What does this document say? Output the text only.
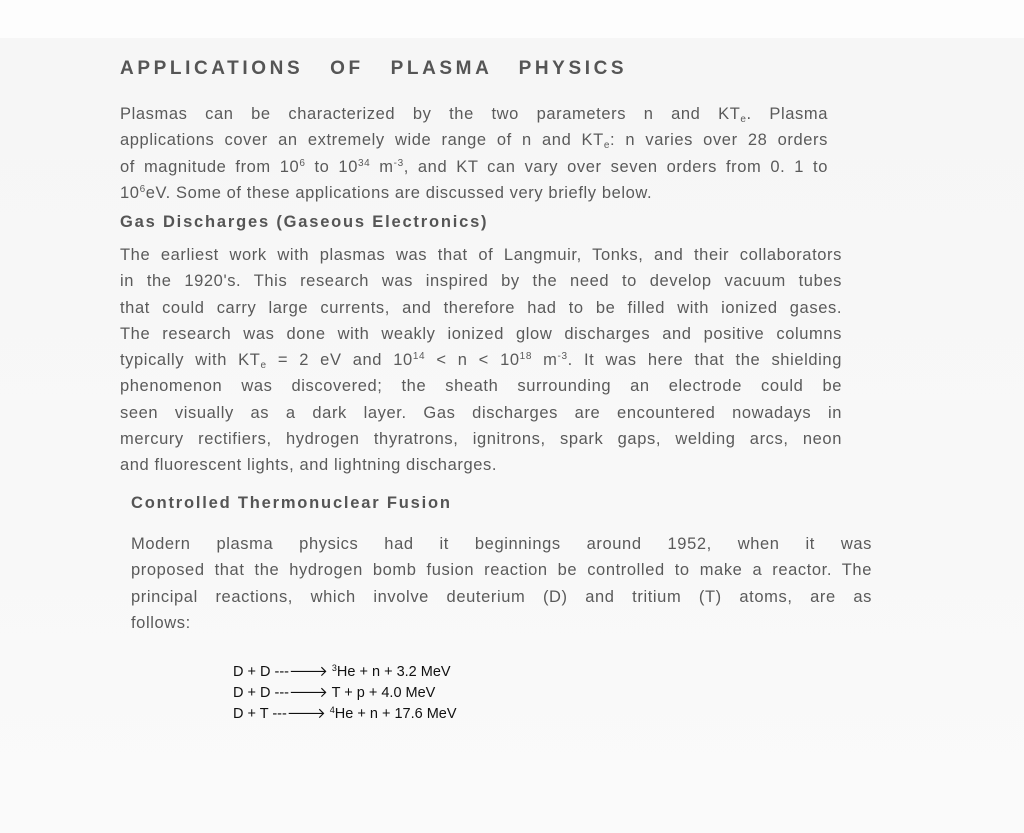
APPLICATIONS OF PLASMA PHYSICS

Plasmas can be characterized by the two parameters n and $KT_e$. Plasma
applications cover an extremely wide range of n and $KT_e$: n varies over 28 orders
of magnitude from $10^6$ to $10^{34}$ $m^{-3}$, and KT can vary over seven orders from 0. 1 to
$10^6eV$. Some of these applications are discussed very briefly below.

Gas Discharges (Gaseous Electronics)

The earliest work with plasmas was that of Langmuir, Tonks, and their collaborators
in the 1920's. This research was inspired by the need to develop vacuum tubes
that could carry large currents, and therefore had to be filled with ionized gases.
The research was done with weakly ionized glow discharges and positive columns
typically with $KT_e = 2$ eV and $10^{14} < n < 10^{18}$ $m^{-3}$. It was here that the shielding
phenomenon was discovered; the sheath surrounding an electrode could be
seen visually as a dark layer. Gas discharges are encountered nowadays in
mercury rectifiers, hydrogen thyratrons, ignitrons, spark gaps, welding arcs, neon
and fluorescent lights, and lightning discharges.

Controlled Thermonuclear Fusion

Modern plasma physics had it beginnings around 1952, when it was
proposed that the hydrogen bomb fusion reaction be controlled to make a reactor. The
principal reactions, which involve deuterium (D) and tritium (T) atoms, are as
follows:

D + D ---🡒 $^3$He + n + 3.2 MeV
D + D ---🡒 T + p + 4.0 MeV
D + T ---🡒 $^4$He + n + 17.6 MeV
